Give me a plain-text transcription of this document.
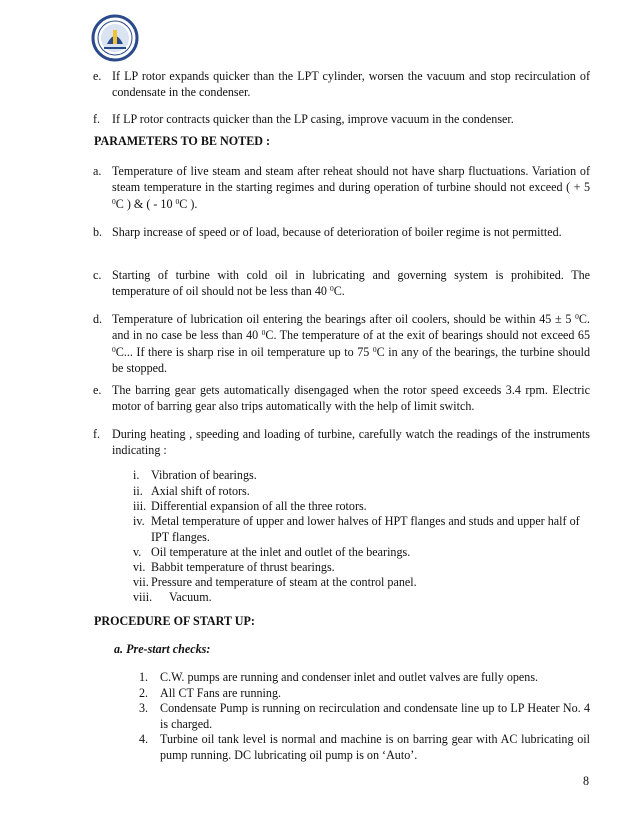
e. If LP rotor expands quicker than the LPT cylinder, worsen the vacuum and stop recirculation of condensate in the condenser.
f. If LP rotor contracts quicker than the LP casing, improve vacuum in the condenser.
PARAMETERS TO BE NOTED :
a. Temperature of live steam and steam after reheat should not have sharp fluctuations. Variation of steam temperature in the starting regimes and during operation of turbine should not exceed ( + 5 $^0$C ) & ( - 10 $^0$C ).
b. Sharp increase of speed or of load, because of deterioration of boiler regime is not permitted.
c. Starting of turbine with cold oil in lubricating and governing system is prohibited. The temperature of oil should not be less than 40 $^0$C.
d. Temperature of lubrication oil entering the bearings after oil coolers, should be within 45 ± 5 $^0$C. and in no case be less than 40 $^0$C. The temperature of at the exit of bearings should not exceed 65 $^0$C... If there is sharp rise in oil temperature up to 75 $^0$C in any of the bearings, the turbine should be stopped.
e. The barring gear gets automatically disengaged when the rotor speed exceeds 3.4 rpm. Electric motor of barring gear also trips automatically with the help of limit switch.
f. During heating , speeding and loading of turbine, carefully watch the readings of the instruments indicating :
i. Vibration of bearings.
ii. Axial shift of rotors.
iii. Differential expansion of all the three rotors.
iv. Metal temperature of upper and lower halves of HPT flanges and studs and upper half of IPT flanges.
v. Oil temperature at the inlet and outlet of the bearings.
vi. Babbit temperature of thrust bearings.
vii. Pressure and temperature of steam at the control panel.
viii.	Vacuum.
PROCEDURE OF START UP:
a. Pre-start checks:
1. C.W. pumps are running and condenser inlet and outlet valves are fully opens.
2. All CT Fans are running.
3. Condensate Pump is running on recirculation and condensate line up to LP Heater No. 4 is charged.
4. Turbine oil tank level is normal and machine is on barring gear with AC lubricating oil pump running. DC lubricating oil pump is on ‘Auto’.
8
